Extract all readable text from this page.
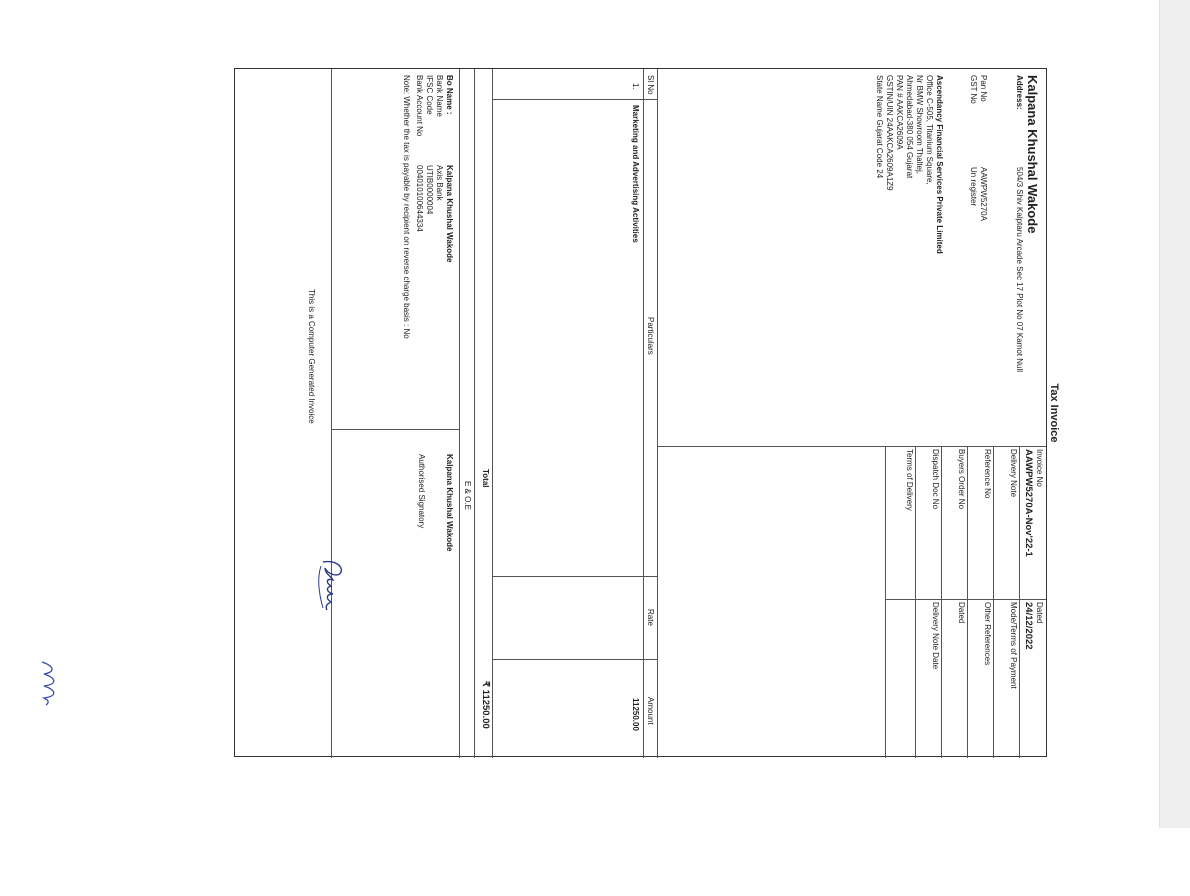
Tax Invoice
Kalpana Khushal Wakode
Address:
504/3 Shiv Kalptaru Arcade Sec 17 Plot No 07 Kamot Null
Pan No
AAWPW5270A
GST No
Un register
Ascendancy Financial Services Private Limited
Office C-505, Titanium Square,
Nr BMW Showroom Thaltej,
Ahmedabad-380 054 Gujarat
PAN # AAKCA2609A
GSTIN/UIN 24AAKCA2609A1Z9
State Name Gujarat Code 24
Invoice No
AAWPW5270A-Nov'22-1
Dated
24/12/2022
Delivery Note
Mode/Terms of Payment
Reference No
Other References
Buyers Order No
Dated
Dispatch Doc No
Delivery Note Date
Terms of Delivery
Sl No
Particulars
Rate
Amount
1.
Marketing and Advertising Activities
11250.00
Total
₹ 11250.00
E & O.E
Bo Name :
Kalpana Khushal Wakode
Bank Name
Axis Bank
IFSC Code
UTIB0000004
Bank Account No
004010100644334
Note: Whether the tax is payable by recipient on reverse charge basis : No
Kalpana Khushal Wakode
Authorised Signatory
This is a Computer Generated Invoice
